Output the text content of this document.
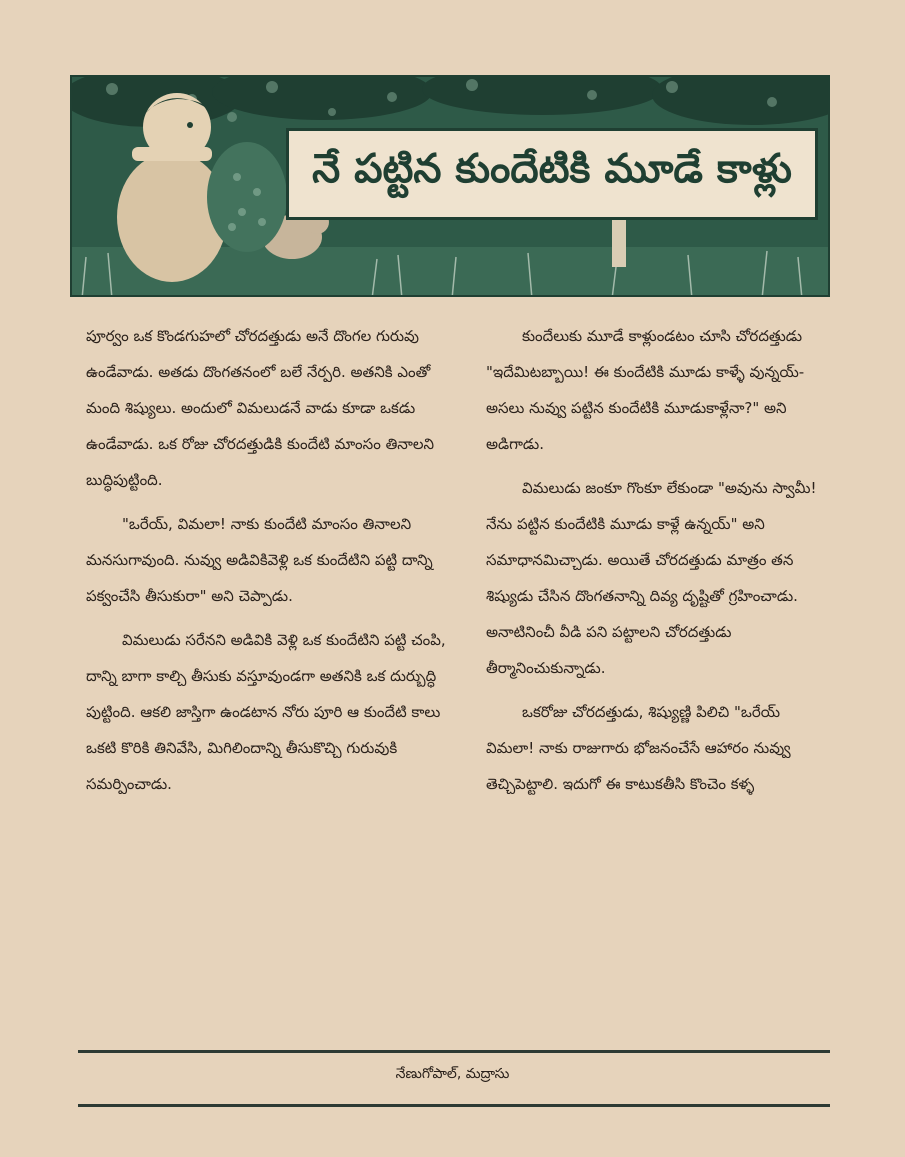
నే పట్టిన కుందేటికి మూడే కాళ్లు

పూర్వం ఒక కొండగుహలో చోరదత్తుడు అనే దొంగల గురువు ఉండేవాడు. అతడు దొంగతనంలో బలే నేర్పరి. అతనికి ఎంతో మంది శిష్యులు. అందులో విమలుడనే వాడు కూడా ఒకడు ఉండేవాడు. ఒక రోజు చోరదత్తుడికి కుందేటి మాంసం తినాలని బుద్ధిపుట్టింది.

"ఒరేయ్, విమలా! నాకు కుందేటి మాంసం తినాలని మనసుగావుంది. నువ్వు అడివికివెళ్లి ఒక కుందేటిని పట్టి దాన్ని పక్వంచేసి తీసుకురా" అని చెప్పాడు.

విమలుడు సరేనని అడివికి వెళ్లి ఒక కుందేటిని పట్టి చంపి, దాన్ని బాగా కాల్చి తీసుకు వస్తూవుండగా అతనికి ఒక దుర్బుద్ధి పుట్టింది. ఆకలి జాస్తిగా ఉండటాన నోరు పూరి ఆ కుందేటి కాలు ఒకటి కొరికి తినివేసి, మిగిలిందాన్ని తీసుకొచ్చి గురువుకి సమర్పించాడు.

కుందేలుకు మూడే కాళ్లుండటం చూసి చోరదత్తుడు "ఇదేమిటబ్బాయి! ఈ కుందేటికి మూడు కాళ్ళే వున్నయ్-అసలు నువ్వు పట్టిన కుందేటికి మూడుకాళ్లేనా?" అని అడిగాడు.

విమలుడు జంకూ గొంకూ లేకుండా "అవును స్వామీ! నేను పట్టిన కుందేటికి మూడు కాళ్లే ఉన్నయ్" అని సమాధానమిచ్చాడు. అయితే చోరదత్తుడు మాత్రం తన శిష్యుడు చేసిన దొంగతనాన్ని దివ్య దృష్టితో గ్రహించాడు. అనాటినించీ వీడి పని పట్టాలని చోరదత్తుడు తీర్మానించుకున్నాడు.

ఒకరోజు చోరదత్తుడు, శిష్యుణ్ణి పిలిచి "ఒరేయ్ విమలా! నాకు రాజుగారు భోజనంచేసే ఆహారం నువ్వు తెచ్చిపెట్టాలి. ఇదుగో ఈ కాటుకతీసి కొంచెం కళ్ళ

నేణుగోపాల్, మద్రాసు
